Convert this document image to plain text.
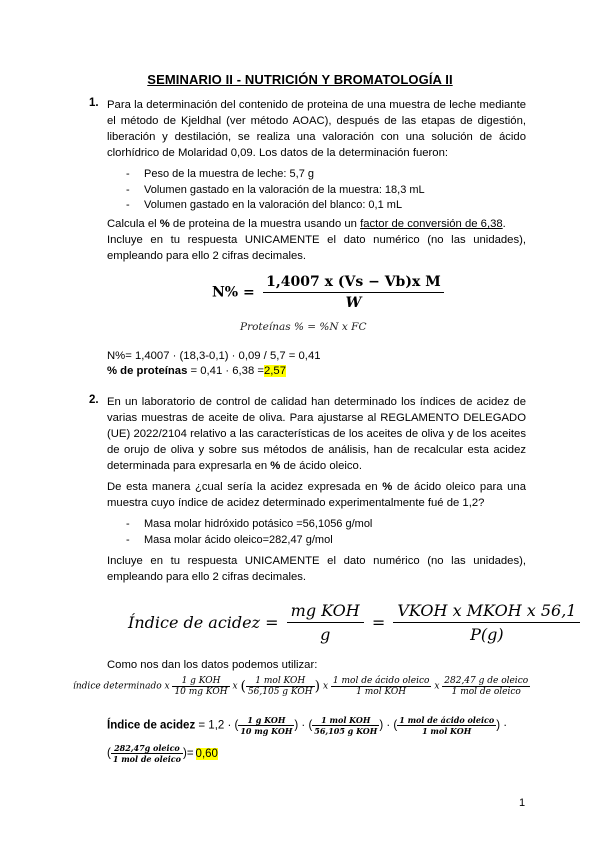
SEMINARIO II - NUTRICIÓN Y BROMATOLOGÍA II
1. Para la determinación del contenido de proteina de una muestra de leche mediante
el método de Kjeldhal (ver método AOAC), después de las etapas de digestión,
liberación y destilación, se realiza una valoración con una solución de ácido
clorhídrico de Molaridad 0,09. Los datos de la determinación fueron:
- Peso de la muestra de leche: 5,7 g
- Volumen gastado en la valoración de la muestra: 18,3 mL
- Volumen gastado en la valoración del blanco: 0,1 mL
Calcula el % de proteina de la muestra usando un factor de conversión de 6,38.
Incluye en tu respuesta UNICAMENTE el dato numérico (no las unidades),
empleando para ello 2 cifras decimales.
$N\% = \frac{\text{1,4007 x (Vs − Vb)x M}}{W}$
Proteínas % = %N x FC
N%= 1,4007 · (18,3-0,1) · 0,09 / 5,7 = 0,41
% de proteínas = 0,41 · 6,38 =2,57
2. En un laboratorio de control de calidad han determinado los índices de acidez de
varias muestras de aceite de oliva. Para ajustarse al REGLAMENTO DELEGADO
(UE) 2022/2104 relativo a las características de los aceites de oliva y de los aceites
de orujo de oliva y sobre sus métodos de análisis, han de recalcular esta acidez
determinada para expresarla en % de ácido oleico.
De esta manera ¿cual sería la acidez expresada en % de ácido oleico para una
muestra cuyo índice de acidez determinado experimentalmente fué de 1,2?
- Masa molar hidróxido potásico =56,1056 g/mol
- Masa molar ácido oleico=282,47 g/mol
Incluye en tu respuesta UNICAMENTE el dato numérico (no las unidades),
empleando para ello 2 cifras decimales.
Índice de acidez = $\frac{\text{mg KOH}}{g} = \frac{\text{VKOH x MKOH x 56,1}}{P(g)}$
Como nos dan los datos podemos utilizar:
índice determinado x $\frac{\text{1 g KOH}}{\text{10 mg KOH}}$ x ( $\frac{\text{1 mol KOH}}{\text{56,105 g KOH}}$ ) x $\frac{\text{1 mol de ácido oleico}}{\text{1 mol KOH}}$ x $\frac{\text{282,47 g de oleico}}{\text{1 mol de oleico}}$
Índice de acidez = 1,2 · ( $\frac{\text{1 g KOH}}{\text{10 mg KOH}}$ ) · ( $\frac{\text{1 mol KOH}}{\text{56,105 g KOH}}$ ) · ( $\frac{\text{1 mol de ácido oleico}}{\text{1 mol KOH}}$ ) ·
( $\frac{\text{282,47g oleico}}{\text{1 mol de oleico}}$ )= 0,60
1
